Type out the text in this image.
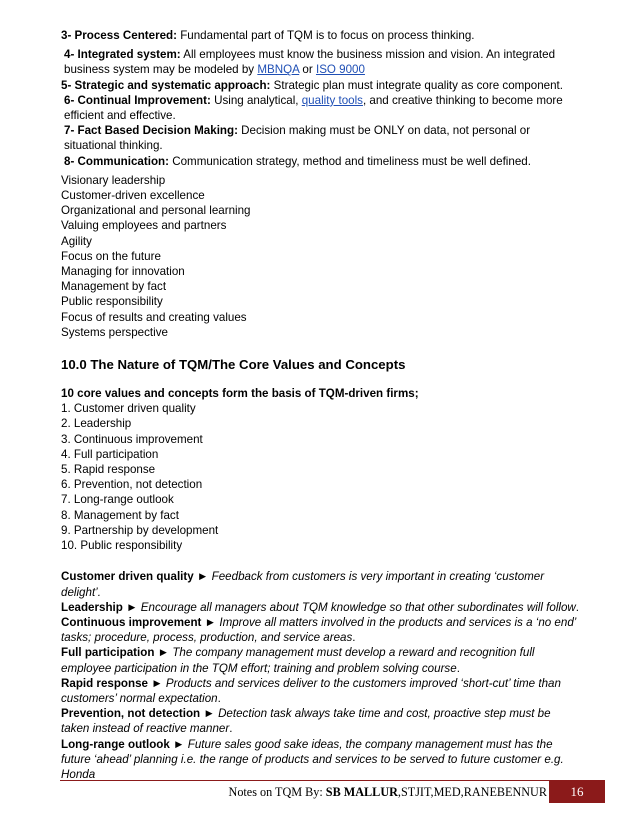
3- Process Centered: Fundamental part of TQM is to focus on process thinking.

4- Integrated system: All employees must know the business mission and vision. An integrated business system may be modeled by MBNQA or ISO 9000

5- Strategic and systematic approach: Strategic plan must integrate quality as core component.

6- Continual Improvement: Using analytical, quality tools, and creative thinking to become more efficient and effective.

7- Fact Based Decision Making: Decision making must be ONLY on data, not personal or situational thinking.

8- Communication: Communication strategy, method and timeliness must be well defined.

Visionary leadership
Customer-driven excellence
Organizational and personal learning
Valuing employees and partners
Agility
Focus on the future
Managing for innovation
Management by fact
Public responsibility
Focus of results and creating values
Systems perspective
10.0 The Nature of TQM/The Core Values and Concepts

10 core values and concepts form the basis of TQM-driven firms;

1. Customer driven quality
2. Leadership
3. Continuous improvement
4. Full participation
5. Rapid response
6. Prevention, not detection
7. Long-range outlook
8. Management by fact
9. Partnership by development
10. Public responsibility

Customer driven quality ► Feedback from customers is very important in creating ‘customer delight’.

Leadership ► Encourage all managers about TQM knowledge so that other subordinates will follow.

Continuous improvement ► Improve all matters involved in the products and services is a ‘no end’ tasks; procedure, process, production, and service areas.

Full participation ► The company management must develop a reward and recognition full employee participation in the TQM effort; training and problem solving course.

Rapid response ► Products and services deliver to the customers improved ‘short-cut’ time than customers’ normal expectation.

Prevention, not detection ► Detection task always take time and cost, proactive step must be taken instead of reactive manner.

Long-range outlook ► Future sales good sake ideas, the company management must has the future ‘ahead’ planning i.e. the range of products and services to be served to future customer e.g. Honda

Notes on TQM By: SB MALLUR,STJIT,MED,RANEBENNUR	16
